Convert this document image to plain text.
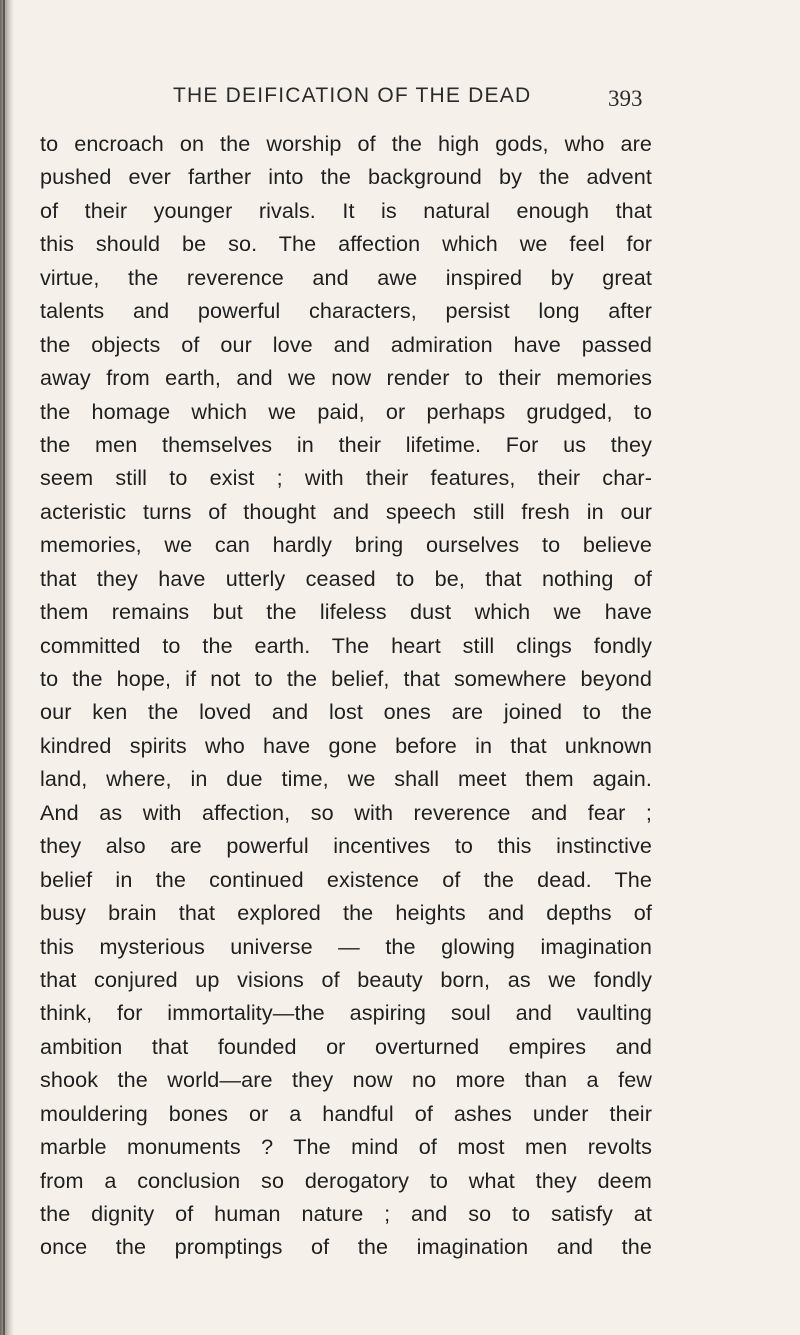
THE DEIFICATION OF THE DEAD	393
to encroach on the worship of the high gods, who are
pushed ever farther into the background by the advent
of their younger rivals. It is natural enough that
this should be so. The affection which we feel for
virtue, the reverence and awe inspired by great
talents and powerful characters, persist long after
the objects of our love and admiration have passed
away from earth, and we now render to their memories
the homage which we paid, or perhaps grudged, to
the men themselves in their lifetime. For us they
seem still to exist ; with their features, their char-
acteristic turns of thought and speech still fresh in our
memories, we can hardly bring ourselves to believe
that they have utterly ceased to be, that nothing of
them remains but the lifeless dust which we have
committed to the earth. The heart still clings fondly
to the hope, if not to the belief, that somewhere beyond
our ken the loved and lost ones are joined to the
kindred spirits who have gone before in that unknown
land, where, in due time, we shall meet them again.
And as with affection, so with reverence and fear ;
they also are powerful incentives to this instinctive
belief in the continued existence of the dead. The
busy brain that explored the heights and depths of
this mysterious universe — the glowing imagination
that conjured up visions of beauty born, as we fondly
think, for immortality—the aspiring soul and vaulting
ambition that founded or overturned empires and
shook the world—are they now no more than a few
mouldering bones or a handful of ashes under their
marble monuments ? The mind of most men revolts
from a conclusion so derogatory to what they deem
the dignity of human nature ; and so to satisfy at
once the promptings of the imagination and the
